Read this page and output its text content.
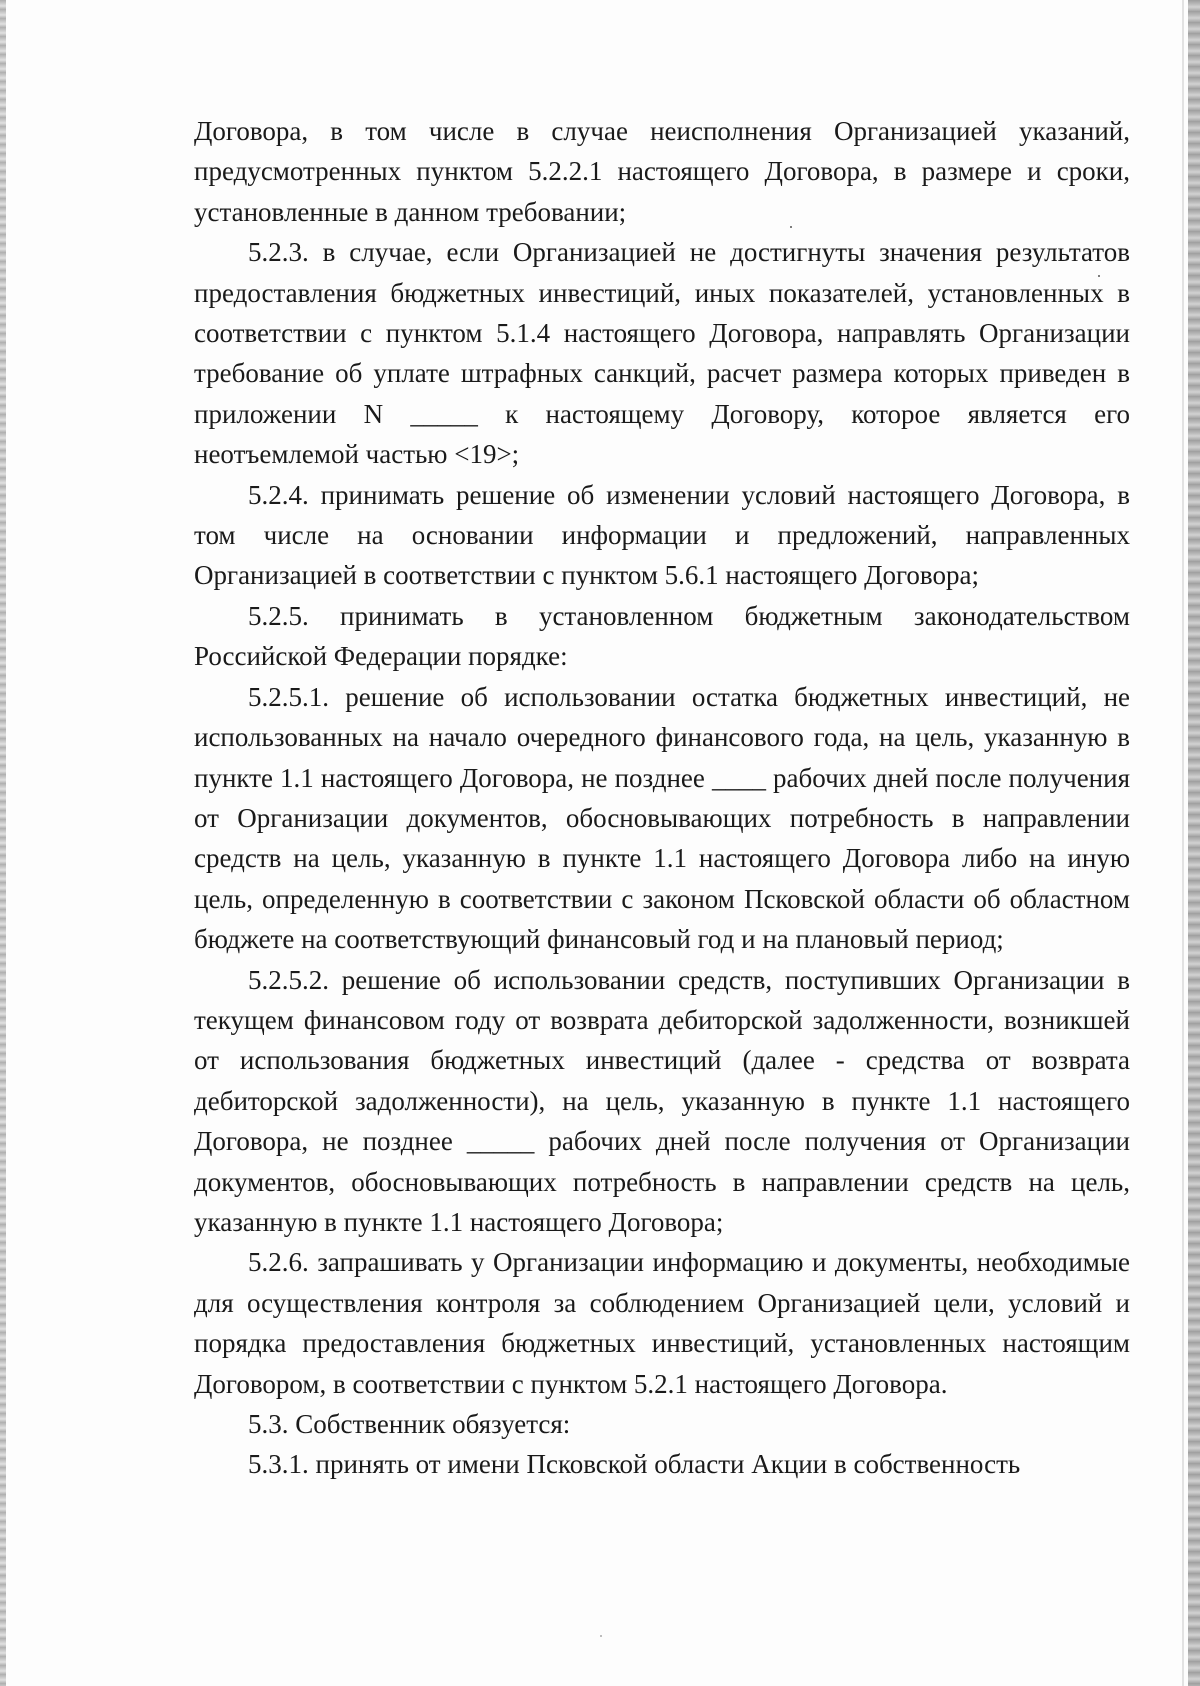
Договора, в том числе в случае неисполнения Организацией указаний, предусмотренных пунктом 5.2.2.1 настоящего Договора, в размере и сроки, установленные в данном требовании;

5.2.3. в случае, если Организацией не достигнуты значения результатов предоставления бюджетных инвестиций, иных показателей, установленных в соответствии с пунктом 5.1.4 настоящего Договора, направлять Организации требование об уплате штрафных санкций, расчет размера которых приведен в приложении N _____ к настоящему Договору, которое является его неотъемлемой частью <19>;

5.2.4. принимать решение об изменении условий настоящего Договора, в том числе на основании информации и предложений, направленных Организацией в соответствии с пунктом 5.6.1 настоящего Договора;

5.2.5. принимать в установленном бюджетным законодательством Российской Федерации порядке:

5.2.5.1. решение об использовании остатка бюджетных инвестиций, не использованных на начало очередного финансового года, на цель, указанную в пункте 1.1 настоящего Договора, не позднее ____ рабочих дней после получения от Организации документов, обосновывающих потребность в направлении средств на цель, указанную в пункте 1.1 настоящего Договора либо на иную цель, определенную в соответствии с законом Псковской области об областном бюджете на соответствующий финансовый год и на плановый период;

5.2.5.2. решение об использовании средств, поступивших Организации в текущем финансовом году от возврата дебиторской задолженности, возникшей от использования бюджетных инвестиций (далее - средства от возврата дебиторской задолженности), на цель, указанную в пункте 1.1 настоящего Договора, не позднее _____ рабочих дней после получения от Организации документов, обосновывающих потребность в направлении средств на цель, указанную в пункте 1.1 настоящего Договора;

5.2.6. запрашивать у Организации информацию и документы, необходимые для осуществления контроля за соблюдением Организацией цели, условий и порядка предоставления бюджетных инвестиций, установленных настоящим Договором, в соответствии с пунктом 5.2.1 настоящего Договора.

5.3. Собственник обязуется:

5.3.1. принять от имени Псковской области Акции в собственность
